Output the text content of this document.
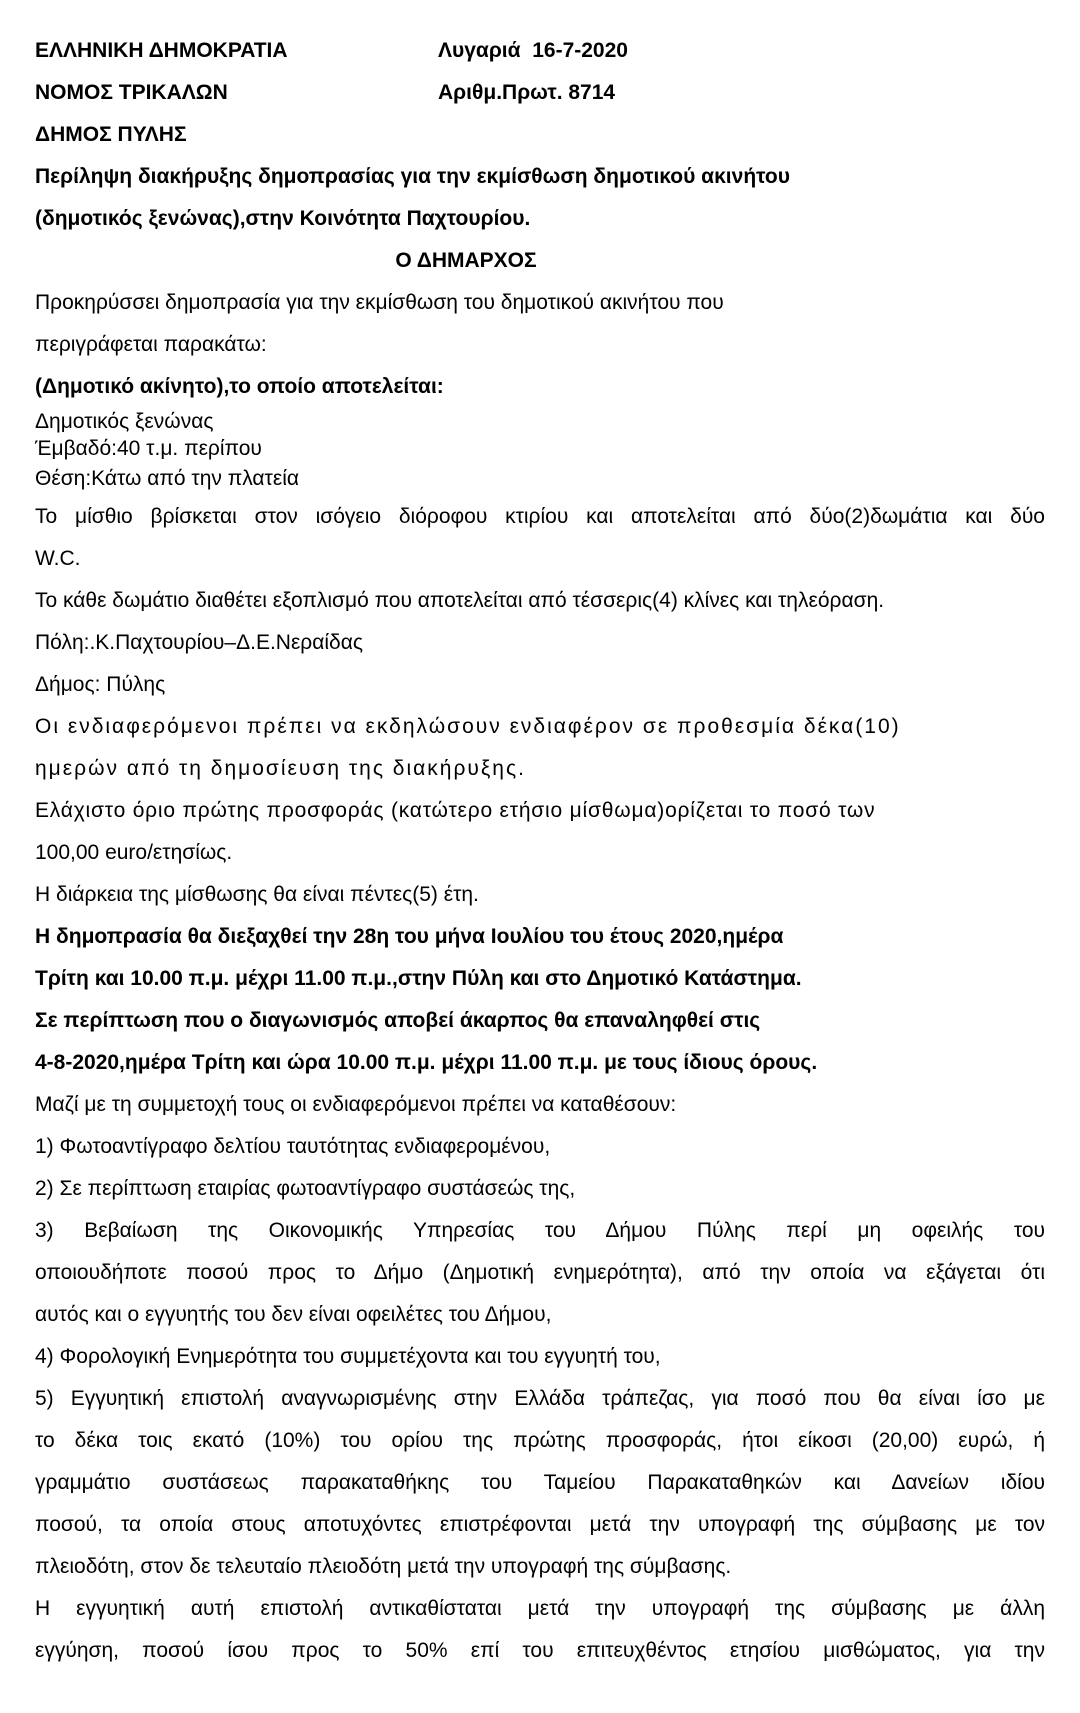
ΕΛΛΗΝΙΚΗ ΔΗΜΟΚΡΑΤΙΑ	Λυγαριά  16-7-2020
ΝΟΜΟΣ ΤΡΙΚΑΛΩΝ	Αριθμ.Πρωτ. 8714
ΔΗΜΟΣ ΠΥΛΗΣ
Περίληψη διακήρυξης δημοπρασίας για την εκμίσθωση δημοτικού ακινήτου
(δημοτικός ξενώνας),στην Κοινότητα Παχτουρίου.
Ο ΔΗΜΑΡΧΟΣ
Προκηρύσσει δημοπρασία για την εκμίσθωση του δημοτικού ακινήτου που
περιγράφεται παρακάτω:
(Δημοτικό ακίνητο),το οποίο αποτελείται:
Δημοτικός ξενώνας
Έμβαδό:40 τ.μ. περίπου
Θέση:Κάτω από την πλατεία
Το μίσθιο βρίσκεται στον ισόγειο διόροφου κτιρίου και αποτελείται από δύο(2)δωμάτια και δύο
W.C.
Το κάθε δωμάτιο διαθέτει εξοπλισμό που αποτελείται από τέσσερις(4) κλίνες και τηλεόραση.
Πόλη:.Κ.Παχτουρίου–Δ.Ε.Νεραίδας
Δήμος: Πύλης
Οι ενδιαφερόμενοι πρέπει να εκδηλώσουν ενδιαφέρον σε προθεσμία δέκα(10)
ημερών από τη δημοσίευση της διακήρυξης.
Ελάχιστο όριο πρώτης προσφοράς (κατώτερο ετήσιο μίσθωμα)ορίζεται το ποσό των
100,00 euro/ετησίως.
Η διάρκεια της μίσθωσης θα είναι πέντες(5) έτη.
Η δημοπρασία θα διεξαχθεί την 28η του μήνα Ιουλίου του έτους 2020,ημέρα
Τρίτη και 10.00 π.μ. μέχρι 11.00 π.μ.,στην Πύλη και στο Δημοτικό Κατάστημα.
Σε περίπτωση που ο διαγωνισμός αποβεί άκαρπος θα επαναληφθεί στις
4-8-2020,ημέρα Τρίτη και ώρα 10.00 π.μ. μέχρι 11.00 π.μ. με τους ίδιους όρους.
Μαζί με τη συμμετοχή τους οι ενδιαφερόμενοι πρέπει να καταθέσουν:
1) Φωτοαντίγραφο δελτίου ταυτότητας ενδιαφερομένου,
2) Σε περίπτωση εταιρίας φωτοαντίγραφο συστάσεώς της,
3) Βεβαίωση της Οικονομικής Υπηρεσίας του Δήμου Πύλης περί μη οφειλής του
οποιουδήποτε ποσού προς το Δήμο (Δημοτική ενημερότητα), από την οποία να εξάγεται ότι
αυτός και ο εγγυητής του δεν είναι οφειλέτες του Δήμου,
4) Φορολογική Ενημερότητα του συμμετέχοντα και του εγγυητή του,
5) Εγγυητική επιστολή αναγνωρισμένης στην Ελλάδα τράπεζας, για ποσό που θα είναι ίσο με
το δέκα τοις εκατό (10%) του ορίου της πρώτης προσφοράς, ήτοι είκοσι (20,00) ευρώ, ή
γραμμάτιο συστάσεως παρακαταθήκης του Ταμείου Παρακαταθηκών και Δανείων ιδίου
ποσού, τα οποία στους αποτυχόντες επιστρέφονται μετά την υπογραφή της σύμβασης με τον
πλειοδότη, στον δε τελευταίο πλειοδότη μετά την υπογραφή της σύμβασης.
Η εγγυητική αυτή επιστολή αντικαθίσταται μετά την υπογραφή της σύμβασης με άλλη
εγγύηση, ποσού ίσου προς το 50% επί του επιτευχθέντος ετησίου μισθώματος, για την
